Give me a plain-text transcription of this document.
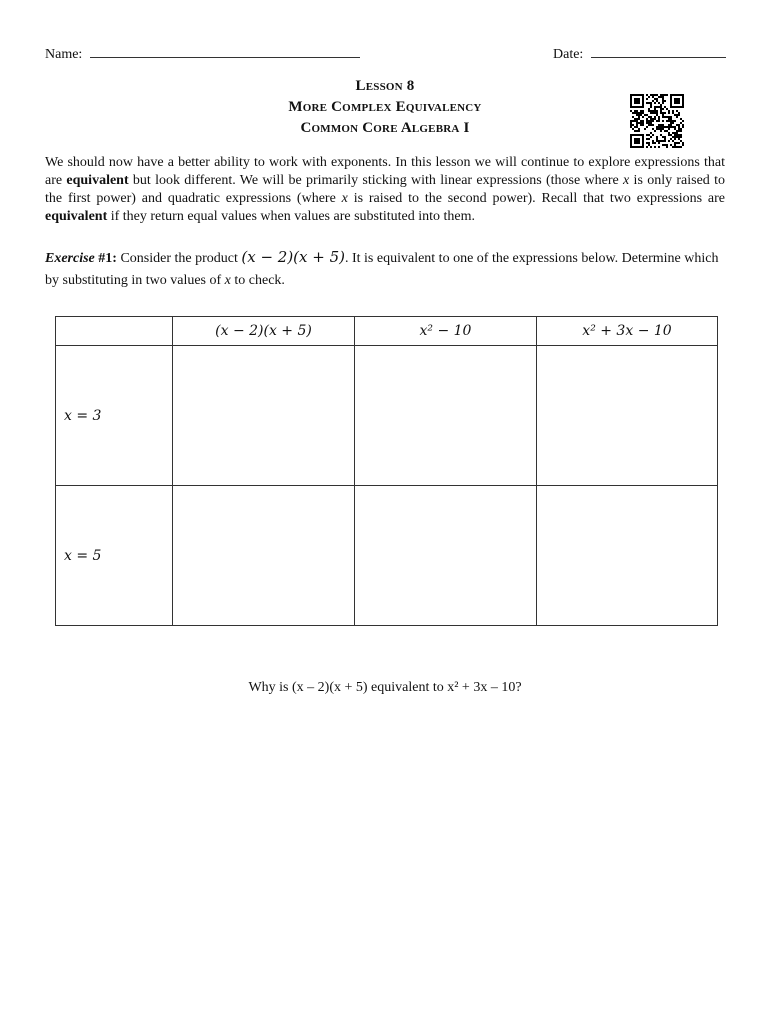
Name:	Date:
Lesson 8
More Complex Equivalency
Common Core Algebra I
We should now have a better ability to work with exponents. In this lesson we will continue to explore expressions that are equivalent but look different. We will be primarily sticking with linear expressions (those where x is only raised to the first power) and quadratic expressions (where x is raised to the second power). Recall that two expressions are equivalent if they return equal values when values are substituted into them.
Exercise #1: Consider the product (x − 2)(x + 5). It is equivalent to one of the expressions below. Determine which by substituting in two values of x to check.
	(x − 2)(x + 5)	x² − 10	x² + 3x − 10
x = 3			
x = 5			
Why is (x – 2)(x + 5) equivalent to x² + 3x – 10?
